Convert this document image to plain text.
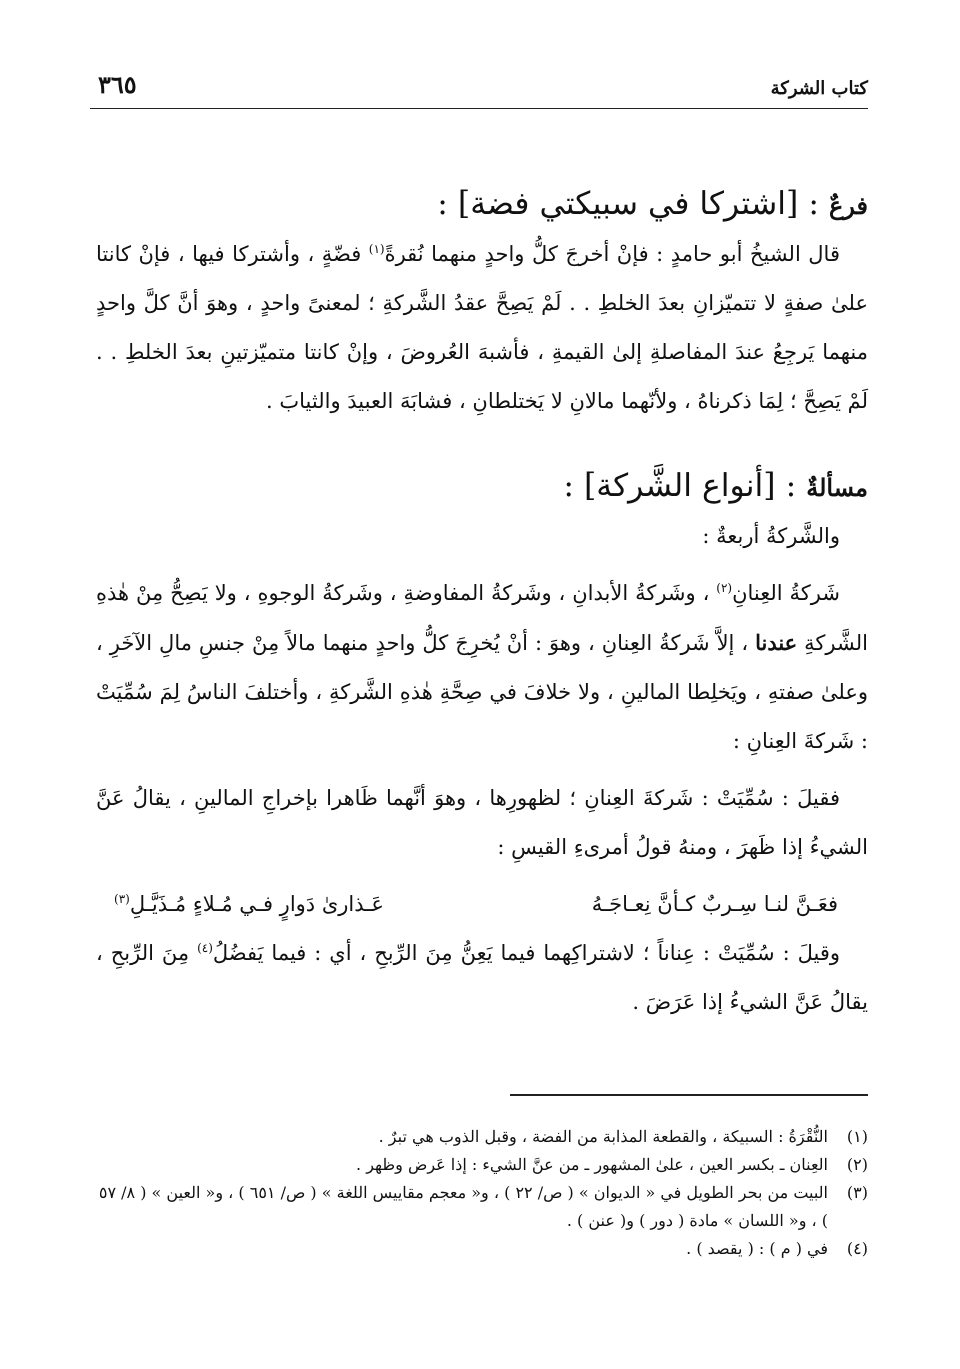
كتاب الشركة
٣٦٥
فرعٌ : [اشتركا في سبيكتي فضة] :

قال الشيخُ أبو حامدٍ : فإنْ أخرجَ كلُّ واحدٍ منهما نُقرةً$^{(١)}$ فضّةٍ ، وأشتركا فيها ، فإنْ كانتا علىٰ صفةٍ لا تتميّزانِ بعدَ الخلطِ . . لَمْ يَصِحَّ عقدُ الشَّركةِ ؛ لمعنىً واحدٍ ، وهوَ أنَّ كلَّ واحدٍ منهما يَرجِعُ عندَ المفاصلةِ إلىٰ القيمةِ ، فأشبهَ العُروضَ ، وإنْ كانتا متميّزتينِ بعدَ الخلطِ . . لَمْ يَصِحَّ ؛ لِمَا ذكرناهُ ، ولأنّهما مالانِ لا يَختلطانِ ، فشابَهَ العبيدَ والثيابَ .

مسألةٌ : [أنواع الشَّركة] :

والشَّركةُ أربعةٌ :

شَركةُ العِنانِ$^{(٢)}$ ، وشَركةُ الأبدانِ ، وشَركةُ المفاوضةِ ، وشَركةُ الوجوهِ ، ولا يَصِحُّ مِنْ هٰذهِ الشَّركةِ عندنا ، إلاَّ شَركةُ العِنانِ ، وهوَ : أنْ يُخرِجَ كلُّ واحدٍ منهما مالاً مِنْ جنسِ مالِ الآخَرِ ، وعلىٰ صفتهِ ، ويَخلِطا المالينِ ، ولا خلافَ في صِحَّةِ هٰذهِ الشَّركةِ ، وأختلفَ الناسُ لِمَ سُمِّيَتْ : شَركةَ العِنانِ :

فقيلَ : سُمِّيَتْ : شَركةَ العِنانِ ؛ لظهورِها ، وهوَ أنَّهما ظَاهرا بإخراجِ المالينِ ، يقالُ عَنَّ الشيءُ إذا ظَهرَ ، ومنهُ قولُ أمرىءِ القيسِ :

فعَـنَّ لنـا سِـربٌ كـأنَّ نِعـاجَـهُ
عَـذارىٰ دَوارٍ فـي مُـلاءٍ مُـذَيَّـلِ$^{(٣)}$

وقيلَ : سُمِّيَتْ : عِناناً ؛ لاشتراكِهما فيما يَعِنُّ مِنَ الرِّبحِ ، أي : فيما يَفضُلُ$^{(٤)}$ مِنَ الرِّبحِ ، يقالُ عَنَّ الشيءُ إذا عَرَضَ .

(١)
النُّقْرَةُ : السبيكة ، والقطعة المذابة من الفضة ، وقبل الذوب هي تبرٌ .

(٢)
العِنان ـ بكسر العين ، علىٰ المشهور ـ من عنَّ الشيء : إذا عَرض وظهر .

(٣)
البيت من بحر الطويل في « الديوان » ( ص/ ٢٢ ) ، و« معجم مقاييس اللغة » ( ص/ ٦٥١ ) ، و« العين » ( ٨/ ٥٧ ) ، و« اللسان » مادة ( دور ) و( عنن ) .

(٤)
في ( م ) : ( يقصد ) .
